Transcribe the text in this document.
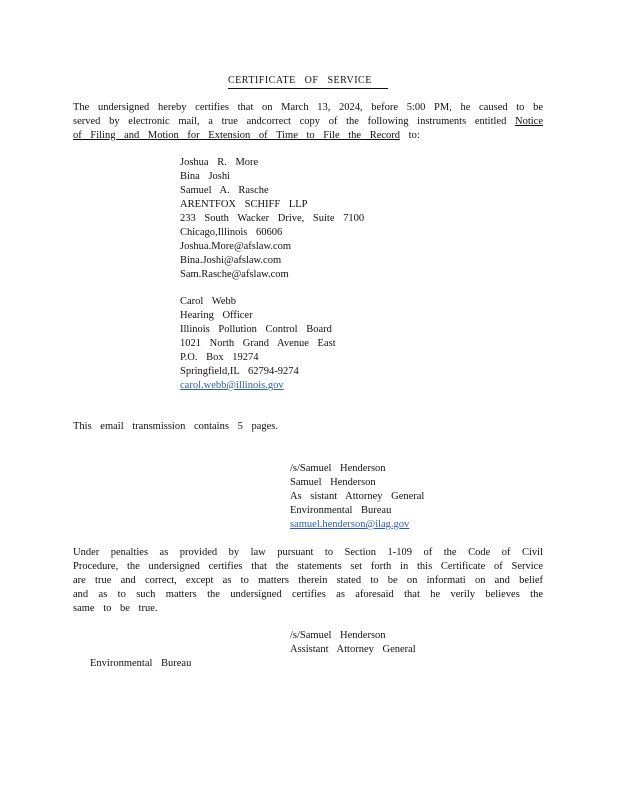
CERTIFICATE OF SERVICE
The undersigned hereby certifies that on March 13, 2024, before 5:00 PM, he caused to be served by electronic mail, a true andcorrect copy of the following instruments entitled Notice of Filing and Motion for Extension of Time to File the Record to:
Joshua R. More
Bina Joshi
Samuel A. Rasche
ARENTFOX SCHIFF LLP
233 South Wacker Drive, Suite 7100
Chicago,Illinois 60606
Joshua.More@afslaw.com
Bina.Joshi@afslaw.com
Sam.Rasche@afslaw.com
Carol Webb
Hearing Officer
Illinois Pollution Control Board
1021 North Grand Avenue East
P.O. Box 19274
Springfield,IL 62794-9274
carol.webb@illinois.gov
This email transmission contains 5 pages.
/s/Samuel Henderson
Samuel Henderson
As sistant Attorney General
Environmental Bureau
samuel.henderson@ilag.gov
Under penalties as provided by law pursuant to Section 1-109 of the Code of Civil Procedure, the undersigned certifies that the statements set forth in this Certificate of Service are true and correct, except as to matters therein stated to be on informati on and belief and as to such matters the undersigned certifies as aforesaid that he verily believes the same to be true.
/s/Samuel Henderson
Assistant Attorney General
Environmental Bureau
